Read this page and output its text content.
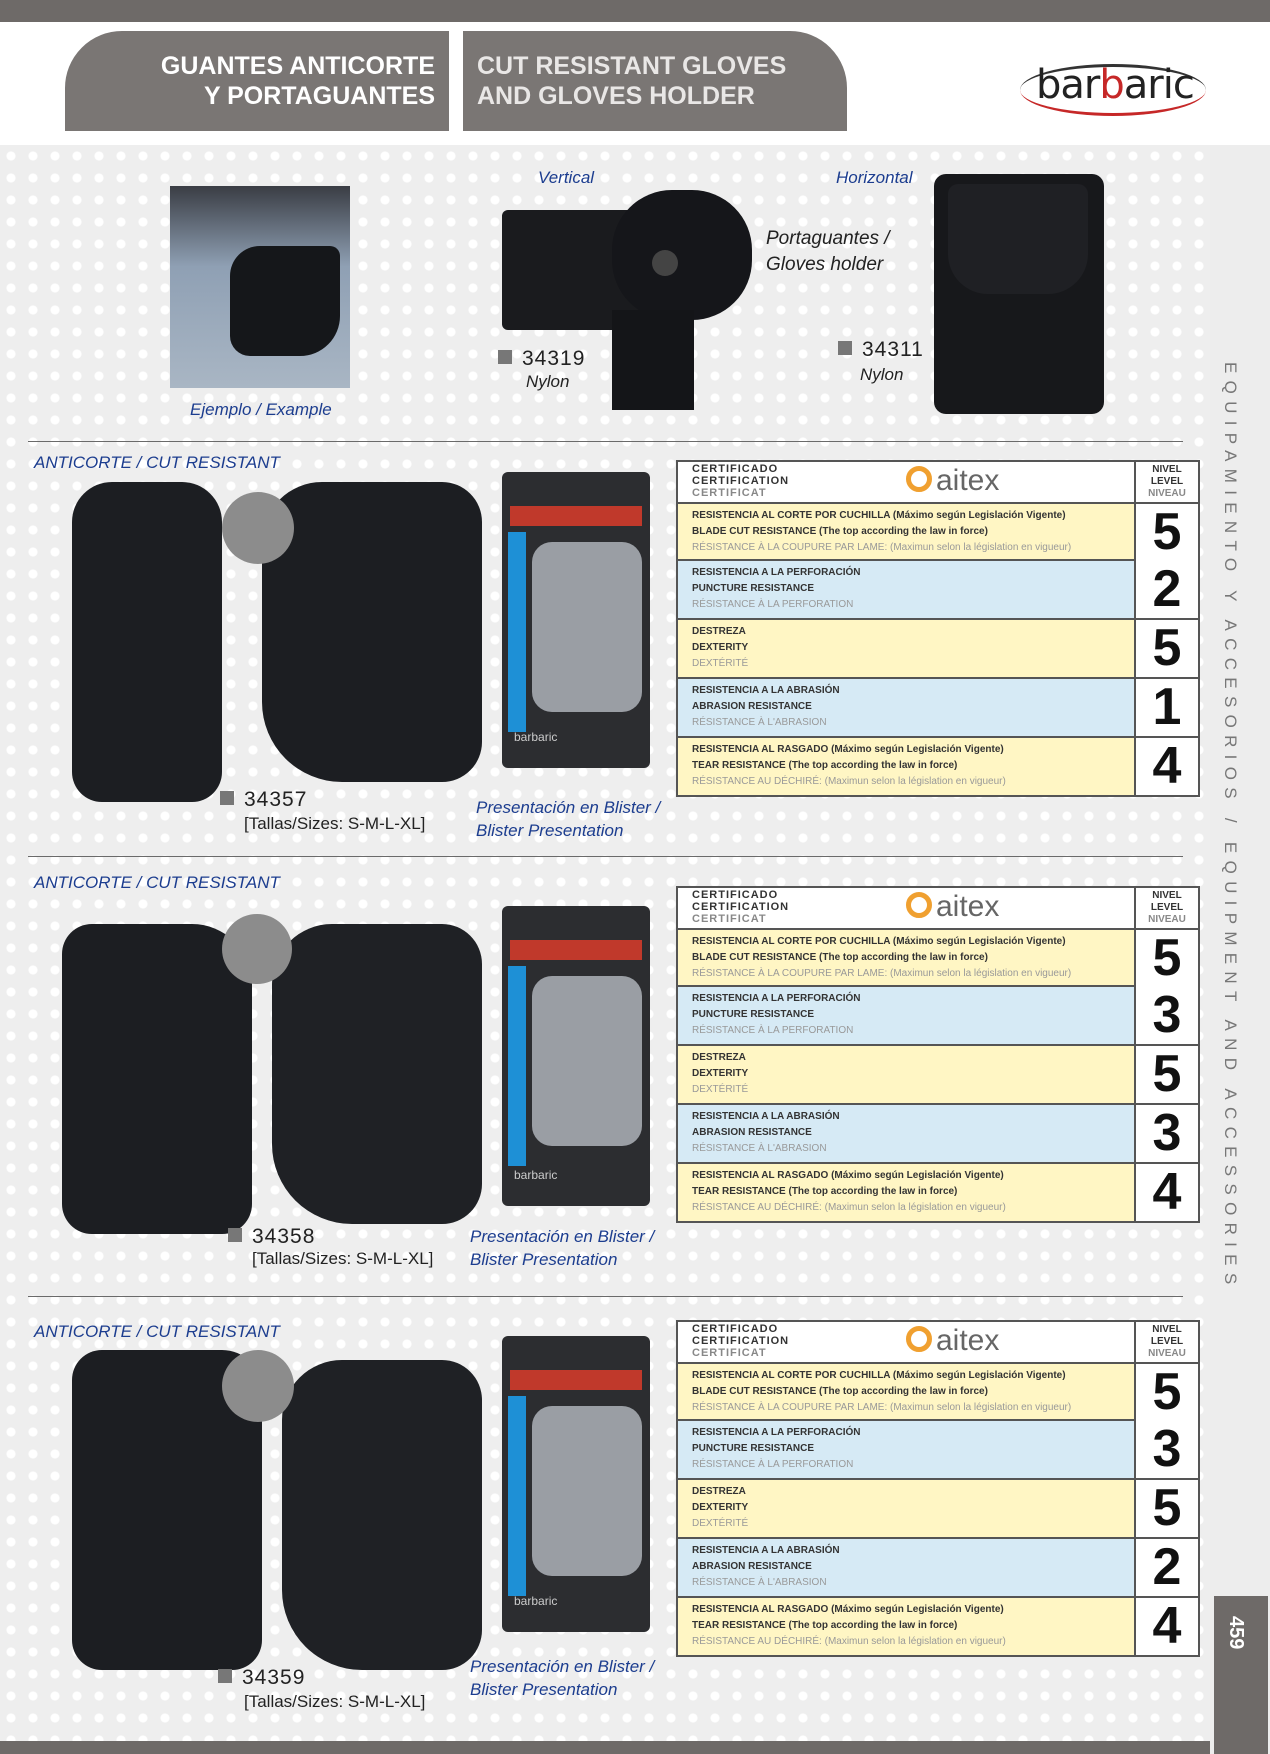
GUANTES ANTICORTE
Y PORTAGUANTES
CUT RESISTANT GLOVES
AND GLOVES HOLDER	barbaric
Ejemplo / Example
Vertical
34319
Nylon
Portaguantes /
Gloves holder
Horizontal
34311
Nylon
ANTICORTE / CUT RESISTANT
34357
[Tallas/Sizes: S-M-L-XL]
barbaric
Presentación en Blister /
Blister Presentation
CERTIFICADO
CERTIFICATION
CERTIFICAT	aitex	NIVEL
LEVEL
NIVEAU
RESISTENCIA AL CORTE POR CUCHILLA (Máximo según Legislación Vigente)
BLADE CUT RESISTANCE (The top according the law in force)
RÉSISTANCE À LA COUPURE PAR LAME: (Maximun selon la législation en vigueur)	5
RESISTENCIA A LA PERFORACIÓN
PUNCTURE RESISTANCE
RÉSISTANCE À LA PERFORATION	2
DESTREZA
DEXTERITY
DEXTÉRITÉ	5
RESISTENCIA A LA ABRASIÓN
ABRASION RESISTANCE
RÉSISTANCE À L'ABRASION	1
RESISTENCIA AL RASGADO (Máximo según Legislación Vigente)
TEAR RESISTANCE (The top according the law in force)
RÉSISTANCE AU DÉCHIRÉ: (Maximun selon la législation en vigueur)	4
ANTICORTE / CUT RESISTANT
34358
[Tallas/Sizes: S-M-L-XL]
barbaric
Presentación en Blister /
Blister Presentation
CERTIFICADO
CERTIFICATION
CERTIFICAT	aitex	NIVEL
LEVEL
NIVEAU
RESISTENCIA AL CORTE POR CUCHILLA (Máximo según Legislación Vigente)
BLADE CUT RESISTANCE (The top according the law in force)
RÉSISTANCE À LA COUPURE PAR LAME: (Maximun selon la législation en vigueur)	5
RESISTENCIA A LA PERFORACIÓN
PUNCTURE RESISTANCE
RÉSISTANCE À LA PERFORATION	3
DESTREZA
DEXTERITY
DEXTÉRITÉ	5
RESISTENCIA A LA ABRASIÓN
ABRASION RESISTANCE
RÉSISTANCE À L'ABRASION	3
RESISTENCIA AL RASGADO (Máximo según Legislación Vigente)
TEAR RESISTANCE (The top according the law in force)
RÉSISTANCE AU DÉCHIRÉ: (Maximun selon la législation en vigueur)	4
ANTICORTE / CUT RESISTANT
34359
[Tallas/Sizes: S-M-L-XL]
barbaric
Presentación en Blister /
Blister Presentation
CERTIFICADO
CERTIFICATION
CERTIFICAT	aitex	NIVEL
LEVEL
NIVEAU
RESISTENCIA AL CORTE POR CUCHILLA (Máximo según Legislación Vigente)
BLADE CUT RESISTANCE (The top according the law in force)
RÉSISTANCE À LA COUPURE PAR LAME: (Maximun selon la législation en vigueur)	5
RESISTENCIA A LA PERFORACIÓN
PUNCTURE RESISTANCE
RÉSISTANCE À LA PERFORATION	3
DESTREZA
DEXTERITY
DEXTÉRITÉ	5
RESISTENCIA A LA ABRASIÓN
ABRASION RESISTANCE
RÉSISTANCE À L'ABRASION	2
RESISTENCIA AL RASGADO (Máximo según Legislación Vigente)
TEAR RESISTANCE (The top according the law in force)
RÉSISTANCE AU DÉCHIRÉ: (Maximun selon la législation en vigueur)	4
EQUIPAMIENTO Y ACCESORIOS / EQUIPMENT AND ACCESSORIES
459
